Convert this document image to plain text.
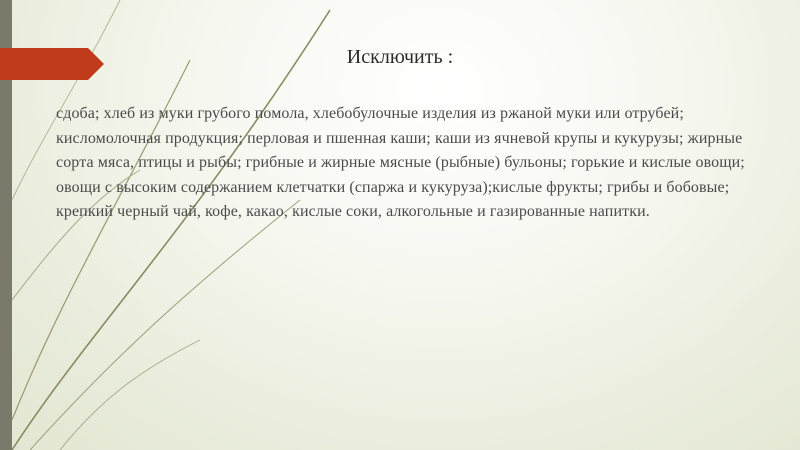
Исключить :

сдоба; хлеб из муки грубого помола, хлебобулочные изделия из ржаной муки или отрубей; кисломолочная продукция; перловая и пшенная каши; каши из ячневой крупы и кукурузы; жирные сорта мяса, птицы и рыбы; грибные и жирные мясные (рыбные) бульоны; горькие и кислые овощи; овощи с высоким содержанием клетчатки (спаржа и кукуруза);кислые фрукты; грибы и бобовые; крепкий черный чай, кофе, какао, кислые соки, алкогольные и газированные напитки.
